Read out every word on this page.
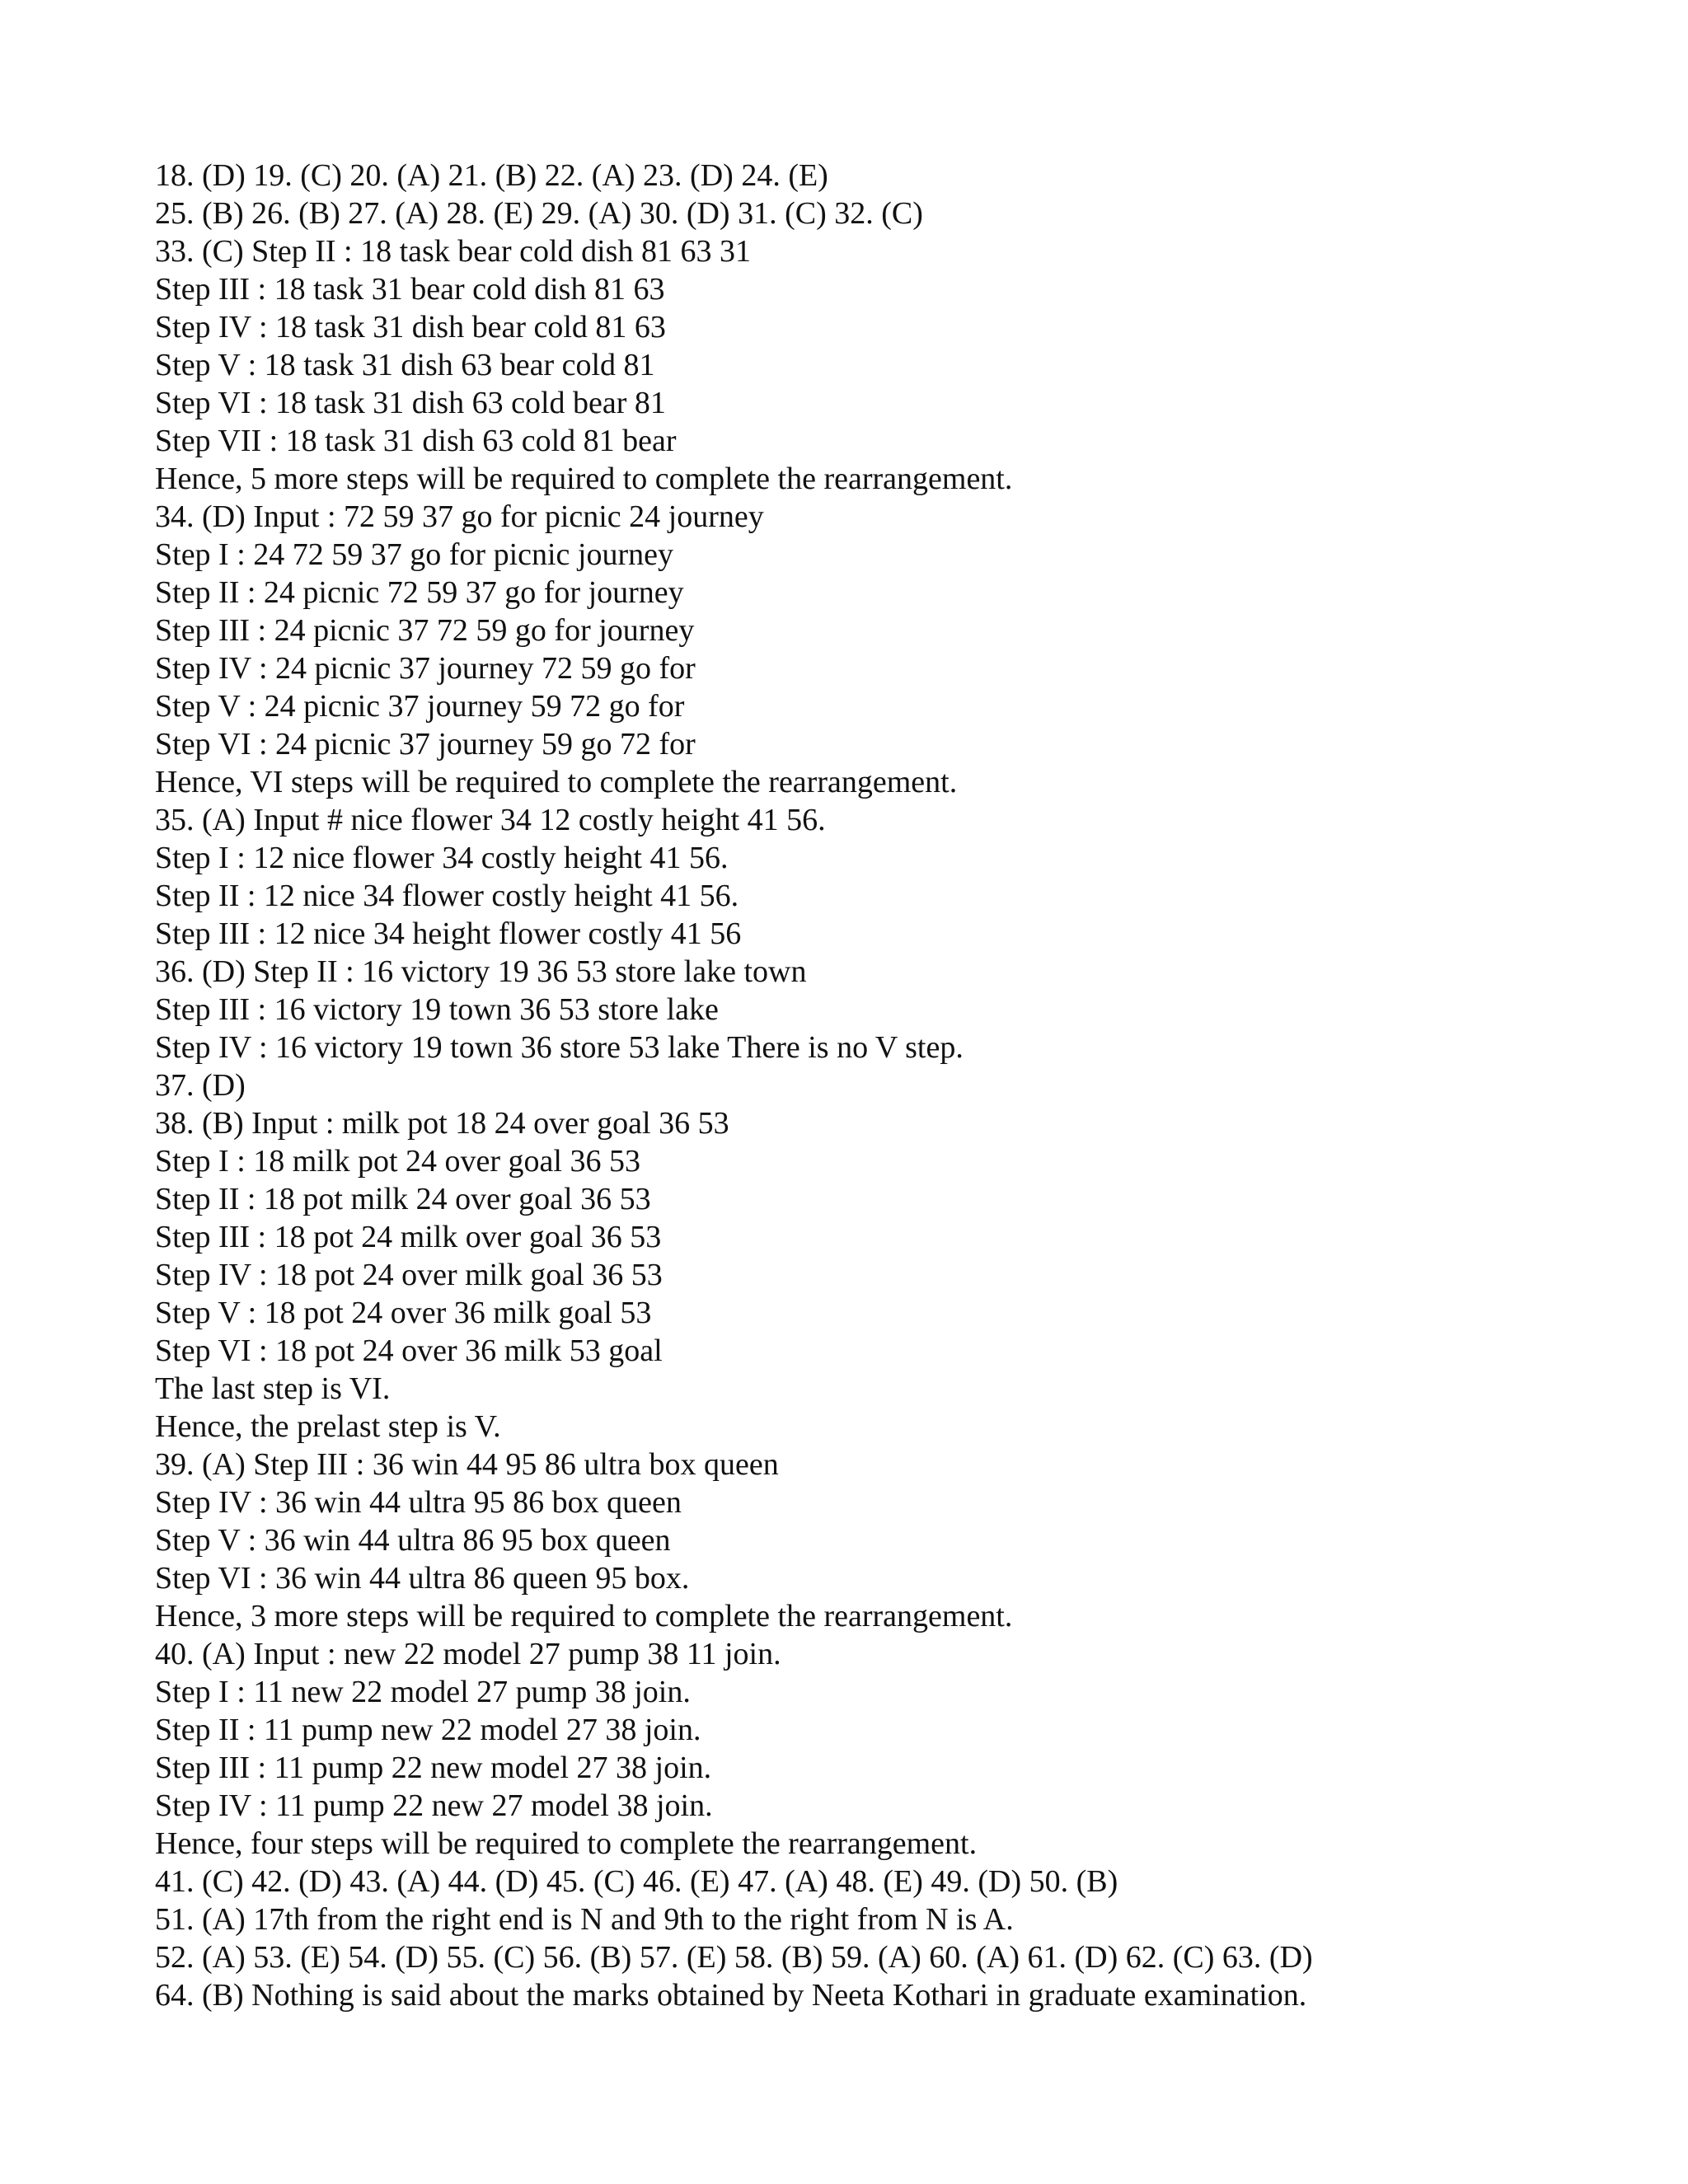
18. (D) 19. (C) 20. (A) 21. (B) 22. (A) 23. (D) 24. (E)
25. (B) 26. (B) 27. (A) 28. (E) 29. (A) 30. (D) 31. (C) 32. (C)
33. (C) Step II : 18 task bear cold dish 81 63 31
Step III : 18 task 31 bear cold dish 81 63
Step IV : 18 task 31 dish bear cold 81 63
Step V : 18 task 31 dish 63 bear cold 81
Step VI : 18 task 31 dish 63 cold bear 81
Step VII : 18 task 31 dish 63 cold 81 bear
Hence, 5 more steps will be required to complete the rearrangement.
34. (D) Input : 72 59 37 go for picnic 24 journey
Step I : 24 72 59 37 go for picnic journey
Step II : 24 picnic 72 59 37 go for journey
Step III : 24 picnic 37 72 59 go for journey
Step IV : 24 picnic 37 journey 72 59 go for
Step V : 24 picnic 37 journey 59 72 go for
Step VI : 24 picnic 37 journey 59 go 72 for
Hence, VI steps will be required to complete the rearrangement.
35. (A) Input # nice flower 34 12 costly height 41 56.
Step I : 12 nice flower 34 costly height 41 56.
Step II : 12 nice 34 flower costly height 41 56.
Step III : 12 nice 34 height flower costly 41 56
36. (D) Step II : 16 victory 19 36 53 store lake town
Step III : 16 victory 19 town 36 53 store lake
Step IV : 16 victory 19 town 36 store 53 lake There is no V step.
37. (D)
38. (B) Input : milk pot 18 24 over goal 36 53
Step I : 18 milk pot 24 over goal 36 53
Step II : 18 pot milk 24 over goal 36 53
Step III : 18 pot 24 milk over goal 36 53
Step IV : 18 pot 24 over milk goal 36 53
Step V : 18 pot 24 over 36 milk goal 53
Step VI : 18 pot 24 over 36 milk 53 goal
The last step is VI.
Hence, the prelast step is V.
39. (A) Step III : 36 win 44 95 86 ultra box queen
Step IV : 36 win 44 ultra 95 86 box queen
Step V : 36 win 44 ultra 86 95 box queen
Step VI : 36 win 44 ultra 86 queen 95 box.
Hence, 3 more steps will be required to complete the rearrangement.
40. (A) Input : new 22 model 27 pump 38 11 join.
Step I : 11 new 22 model 27 pump 38 join.
Step II : 11 pump new 22 model 27 38 join.
Step III : 11 pump 22 new model 27 38 join.
Step IV : 11 pump 22 new 27 model 38 join.
Hence, four steps will be required to complete the rearrangement.
41. (C) 42. (D) 43. (A) 44. (D) 45. (C) 46. (E) 47. (A) 48. (E) 49. (D) 50. (B)
51. (A) 17th from the right end is N and 9th to the right from N is A.
52. (A) 53. (E) 54. (D) 55. (C) 56. (B) 57. (E) 58. (B) 59. (A) 60. (A) 61. (D) 62. (C) 63. (D)
64. (B) Nothing is said about the marks obtained by Neeta Kothari in graduate examination.
